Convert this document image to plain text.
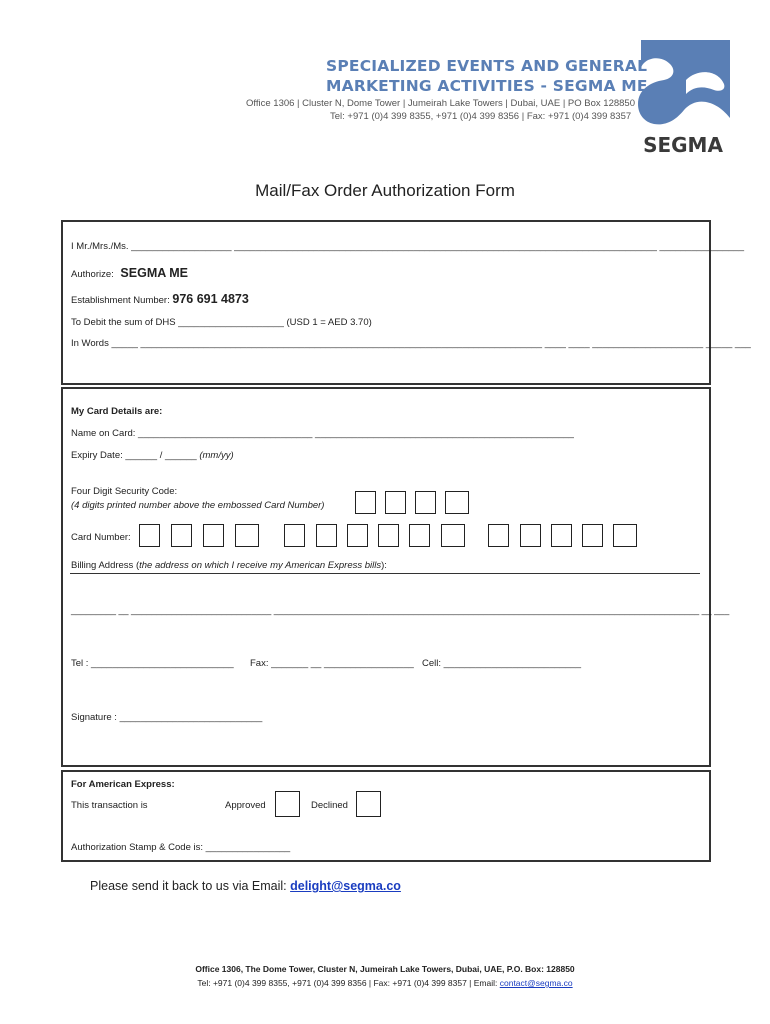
SPECIALIZED EVENTS AND GENERAL
MARKETING ACTIVITIES - SEGMA ME
Office 1306 | Cluster N, Dome Tower | Jumeirah Lake Towers | Dubai, UAE | PO Box 128850
Tel: +971 (0)4 399 8355, +971 (0)4 399 8356 | Fax: +971 (0)4 399 8357
SEGMA
Mail/Fax Order Authorization Form
I Mr./Mrs./Ms. ___________________ ________________________________________________________________________________ ________________
Authorize: SEGMA ME
Establishment Number: 976 691 4873
To Debit the sum of DHS ____________________ (USD 1 = AED 3.70)
In Words _____ ____________________________________________________________________________ ____ ____ _____________________ _____ ___
My Card Details are:
Name on Card: _________________________________ _________________________________________________
Expiry Date: ______ / ______ (mm/yy)
Four Digit Security Code:
(4 digits printed number above the embossed Card Number)
Card Number:
Billing Address (the address on which I receive my American Express bills):
_________ __ ____________________________ _____________________________________________________________________________________ __ ___
Tel : ___________________________ Fax: _______ __ _________________ Cell: __________________________
Signature : ___________________________
For American Express:
This transaction is	Approved	Declined
Authorization Stamp & Code is: ________________
Please send it back to us via Email: delight@segma.co
Office 1306, The Dome Tower, Cluster N, Jumeirah Lake Towers, Dubai, UAE, P.O. Box: 128850
Tel: +971 (0)4 399 8355, +971 (0)4 399 8356 | Fax: +971 (0)4 399 8357 | Email: contact@segma.co
